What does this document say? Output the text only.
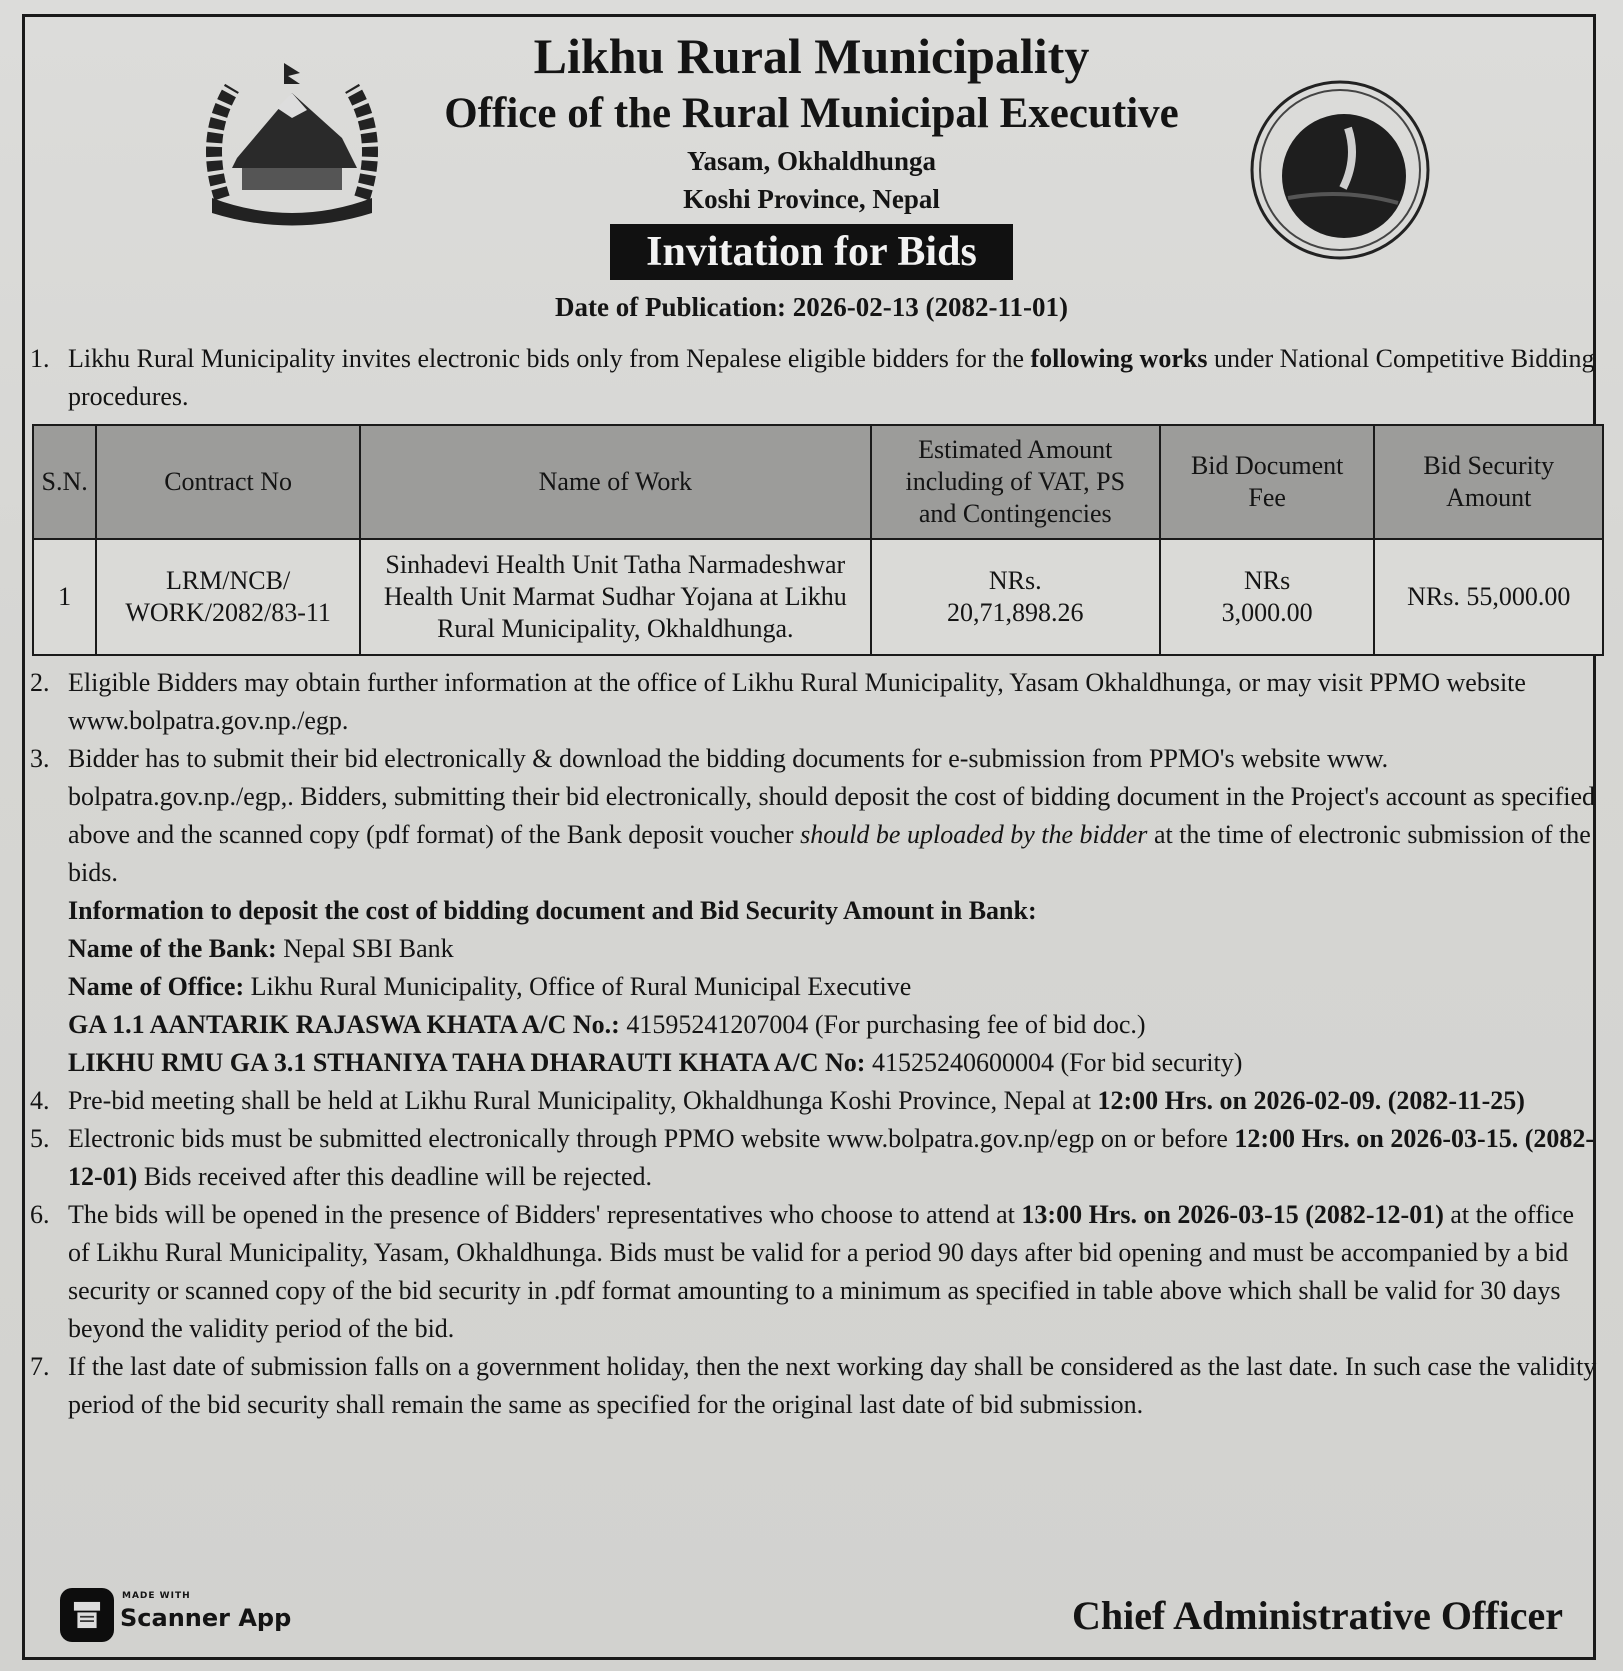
Likhu Rural Municipality
Office of the Rural Municipal Executive
Yasam, Okhaldhunga
Koshi Province, Nepal
Invitation for Bids
Date of Publication: 2026-02-13 (2082-11-01)
1. Likhu Rural Municipality invites electronic bids only from Nepalese eligible bidders for the following works under National Competitive Bidding procedures.
S.N.	Contract No	Name of Work	Estimated Amount including of VAT, PS and Contingencies	Bid Document Fee	Bid Security Amount
1	LRM/NCB/ WORK/2082/83-11	Sinhadevi Health Unit Tatha Narmadeshwar Health Unit Marmat Sudhar Yojana at Likhu Rural Municipality, Okhaldhunga.	NRs. 20,71,898.26	NRs 3,000.00	NRs. 55,000.00
2. Eligible Bidders may obtain further information at the office of Likhu Rural Municipality, Yasam Okhaldhunga, or may visit PPMO website www.bolpatra.gov.np./egp.
3. Bidder has to submit their bid electronically & download the bidding documents for e-submission from PPMO's website www. bolpatra.gov.np./egp,. Bidders, submitting their bid electronically, should deposit the cost of bidding document in the Project's account as specified above and the scanned copy (pdf format) of the Bank deposit voucher should be uploaded by the bidder at the time of electronic submission of the bids.
Information to deposit the cost of bidding document and Bid Security Amount in Bank:
Name of the Bank: Nepal SBI Bank
Name of Office: Likhu Rural Municipality, Office of Rural Municipal Executive
GA 1.1 AANTARIK RAJASWA KHATA A/C No.: 41595241207004 (For purchasing fee of bid doc.)
LIKHU RMU GA 3.1 STHANIYA TAHA DHARAUTI KHATA A/C No: 41525240600004 (For bid security)
4. Pre-bid meeting shall be held at Likhu Rural Municipality, Okhaldhunga Koshi Province, Nepal at 12:00 Hrs. on 2026-02-09. (2082-11-25)
5. Electronic bids must be submitted electronically through PPMO website www.bolpatra.gov.np/egp on or before 12:00 Hrs. on 2026-03-15. (2082-12-01) Bids received after this deadline will be rejected.
6. The bids will be opened in the presence of Bidders' representatives who choose to attend at 13:00 Hrs. on 2026-03-15 (2082-12-01) at the office of Likhu Rural Municipality, Yasam, Okhaldhunga. Bids must be valid for a period 90 days after bid opening and must be accompanied by a bid security or scanned copy of the bid security in .pdf format amounting to a minimum as specified in table above which shall be valid for 30 days beyond the validity period of the bid.
7. If the last date of submission falls on a government holiday, then the next working day shall be considered as the last date. In such case the validity period of the bid security shall remain the same as specified for the original last date of bid submission.
MADE WITH
Scanner App	Chief Administrative Officer
